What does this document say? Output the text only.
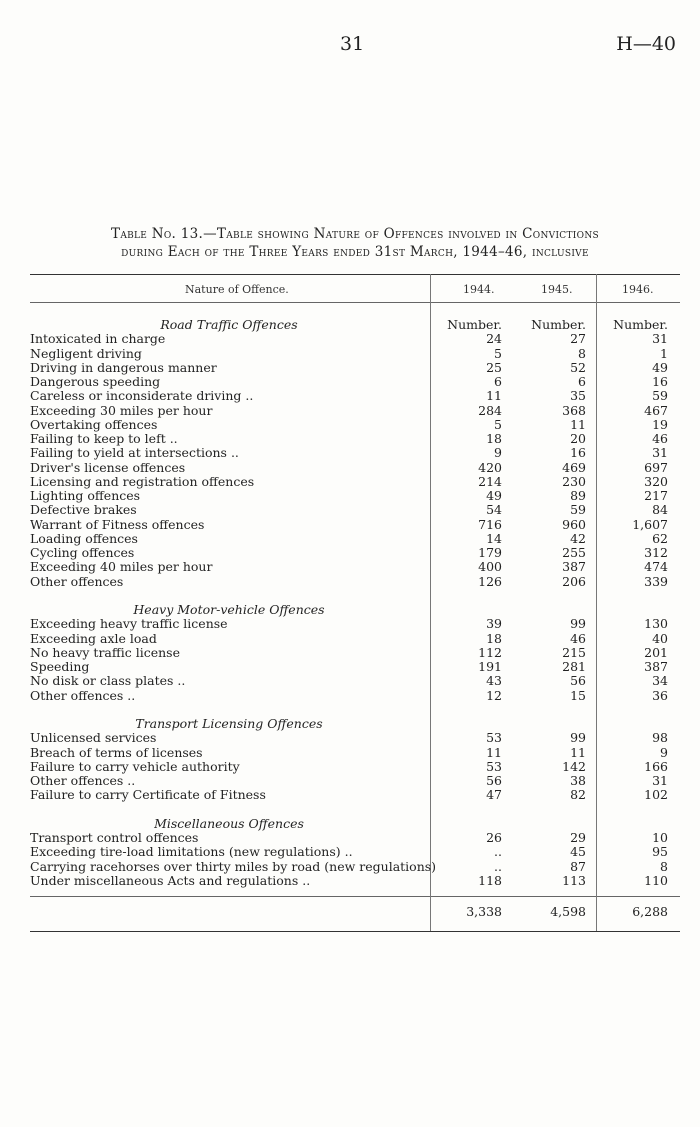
31	H—40
Table No. 13.—Table showing Nature of Offences involved in Convictions
during Each of the Three Years ended 31st March, 1944–46, inclusive
Nature of Offence.	1944.	1945.	1946.
Road Traffic Offences	Number.	Number.	Number.
Intoxicated in charge	24	27	31
Negligent driving	5	8	1
Driving in dangerous manner	25	52	49
Dangerous speeding	6	6	16
Careless or inconsiderate driving ..	11	35	59
Exceeding 30 miles per hour	284	368	467
Overtaking offences	5	11	19
Failing to keep to left ..	18	20	46
Failing to yield at intersections ..	9	16	31
Driver's license offences	420	469	697
Licensing and registration offences	214	230	320
Lighting offences	49	89	217
Defective brakes	54	59	84
Warrant of Fitness offences	716	960	1,607
Loading offences	14	42	62
Cycling offences	179	255	312
Exceeding 40 miles per hour	400	387	474
Other offences	126	206	339
Heavy Motor-vehicle Offences
Exceeding heavy traffic license	39	99	130
Exceeding axle load	18	46	40
No heavy traffic license	112	215	201
Speeding	191	281	387
No disk or class plates ..	43	56	34
Other offences ..	12	15	36
Transport Licensing Offences
Unlicensed services	53	99	98
Breach of terms of licenses	11	11	9
Failure to carry vehicle authority	53	142	166
Other offences ..	56	38	31
Failure to carry Certificate of Fitness	47	82	102
Miscellaneous Offences
Transport control offences	26	29	10
Exceeding tire-load limitations (new regulations) ..	..	45	95
Carrying racehorses over thirty miles by road (new regulations)	..	87	8
Under miscellaneous Acts and regulations ..	118	113	110
3,338	4,598	6,288
